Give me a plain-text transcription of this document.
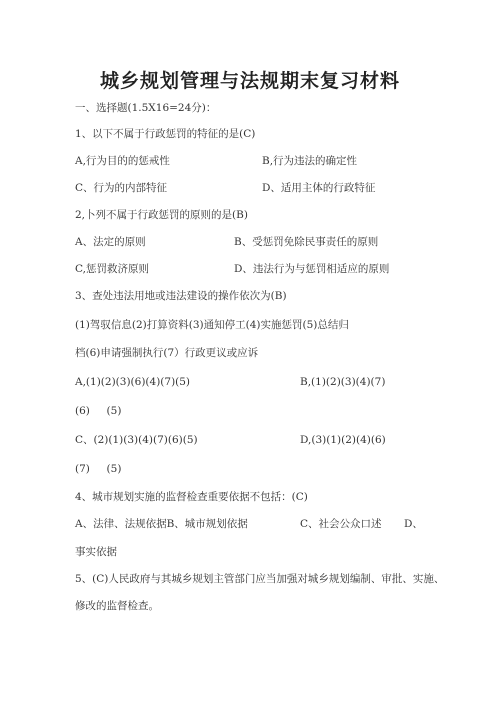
城乡规划管理与法规期末复习材料
一、选择题(1.5X16=24分)：
1、以下不属于行政惩罚的特征的是(C)
A,行为目的的惩戒性	B,行为违法的确定性
C、行为的内部特征	D、适用主体的行政特征
2,卜列不属于行政惩罚的原则的是(B)
A、法定的原则	B、受惩罚免除民事责任的原则
C,惩罚救济原则	D、违法行为与惩罚相适应的原则
3、查处违法用地或违法建设的操作依次为(B)
(1)驾驭信息(2)打算资料(3)通知停工(4)实施惩罚(5)总结归
档(6)申请强制执行(7）行政更议或应诉
A,(1)(2)(3)(6)(4)(7)(5)	B,(1)(2)(3)(4)(7)
(6)     (5)
C、(2)(1)(3)(4)(7)(6)(5)	D,(3)(1)(2)(4)(6)
(7)     (5)
4、城市规划实施的监督检查重要依据不包括：(C)
A、法律、法规依据B、城市规划依据	C、社会公众口述 D、
事实依据
5、(C)人民政府与其城乡规划主管部门应当加强对城乡规划编制、审批、实施、
修改的监督检查。
